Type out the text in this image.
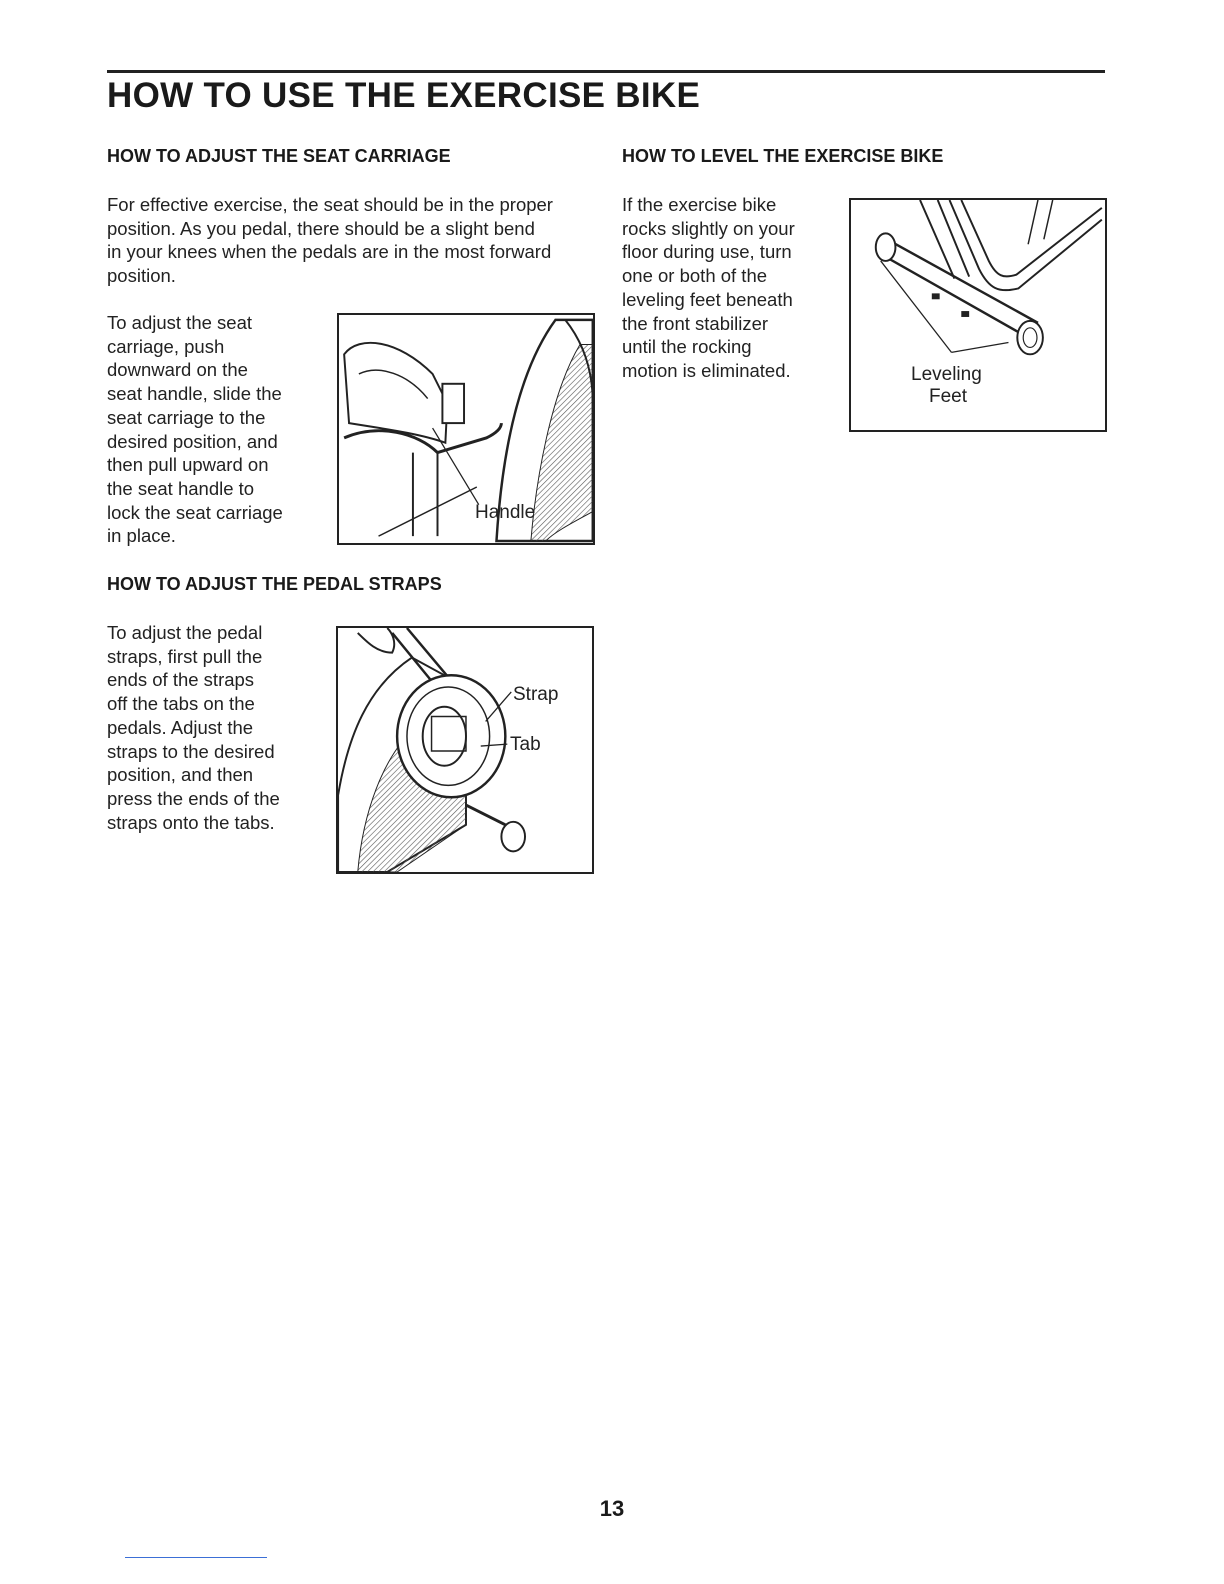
HOW TO USE THE EXERCISE BIKE
HOW TO ADJUST THE SEAT CARRIAGE
For effective exercise, the seat should be in the proper
position. As you pedal, there should be a slight bend
in your knees when the pedals are in the most forward
position.
To adjust the seat
carriage, push
downward on the
seat handle, slide the
seat carriage to the
desired position, and
then pull upward on
the seat handle to
lock the seat carriage
in place.
Handle
HOW TO ADJUST THE PEDAL STRAPS
To adjust the pedal
straps, first pull the
ends of the straps
off the tabs on the
pedals. Adjust the
straps to the desired
position, and then
press the ends of the
straps onto the tabs.
Strap
Tab
HOW TO LEVEL THE EXERCISE BIKE
If the exercise bike
rocks slightly on your
floor during use, turn
one or both of the
leveling feet beneath
the front stabilizer
until the rocking
motion is eliminated.	Leveling
Feet
13
